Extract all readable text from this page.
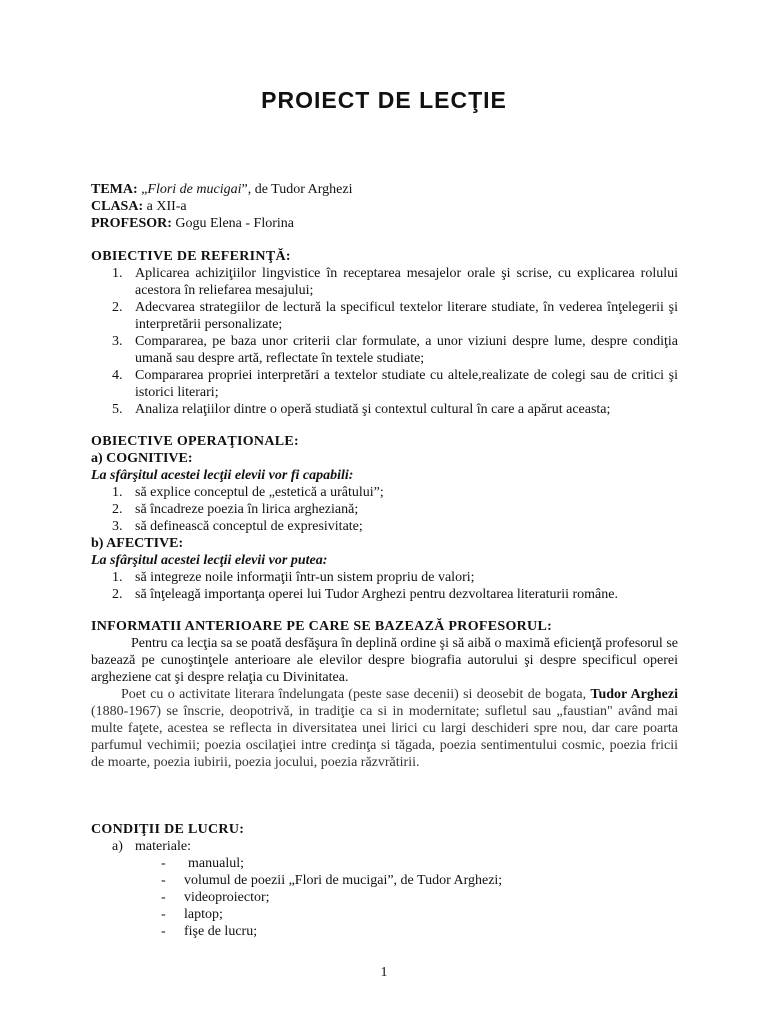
PROIECT DE LECŢIE
TEMA: „Flori de mucigai”, de Tudor Arghezi
CLASA: a XII-a
PROFESOR: Gogu Elena - Florina
OBIECTIVE DE REFERINŢĂ:
1. Aplicarea achiziţiilor lingvistice în receptarea mesajelor orale şi scrise, cu explicarea rolului acestora în reliefarea mesajului;
2. Adecvarea strategiilor de lectură la specificul textelor literare studiate, în vederea înţelegerii şi interpretării personalizate;
3. Compararea, pe baza unor criterii clar formulate, a unor viziuni despre lume, despre condiţia umană sau despre artă, reflectate în textele studiate;
4. Compararea propriei interpretări a textelor studiate cu altele,realizate de colegi sau de critici şi istorici literari;
5. Analiza relaţiilor dintre o operă studiată şi contextul cultural în care a apărut aceasta;
OBIECTIVE OPERAŢIONALE:
a) COGNITIVE:
La sfârşitul acestei lecţii elevii vor fi capabili:
1. să explice conceptul de „estetică a urâtului”;
2. să încadreze poezia în lirica argheziană;
3. să definească conceptul de expresivitate;
b) AFECTIVE:
La sfârşitul acestei lecţii elevii vor putea:
1. să integreze noile informaţii într-un sistem propriu de valori;
2. să înţeleagă importanţa operei lui Tudor Arghezi pentru dezvoltarea literaturii române.
INFORMATII ANTERIOARE PE CARE SE BAZEAZĂ PROFESORUL:
Pentru ca lecţia sa se poată desfăşura în deplină ordine şi să aibă o maximă eficienţă profesorul se bazează pe cunoştinţele anterioare ale elevilor despre biografia autorului şi despre specificul operei argheziene cat şi despre relaţia cu Divinitatea.
Poet cu o activitate literara îndelungata (peste sase decenii) si deosebit de bogata, Tudor Arghezi (1880-1967) se înscrie, deopotrivă, in tradiţie ca si in modernitate; sufletul sau „faustian" având mai multe faţete, acestea se reflecta in diversitatea unei lirici cu largi deschideri spre nou, dar care poarta parfumul vechimii; poezia oscilaţiei intre credinţa si tăgada, poezia sentimentului cosmic, poezia fricii de moarte, poezia iubirii, poezia jocului, poezia răzvrătirii.
CONDIŢII DE LUCRU:
a) materiale:
- manualul;
- volumul de poezii „Flori de mucigai”, de Tudor Arghezi;
- videoproiector;
- laptop;
- fişe de lucru;
1
